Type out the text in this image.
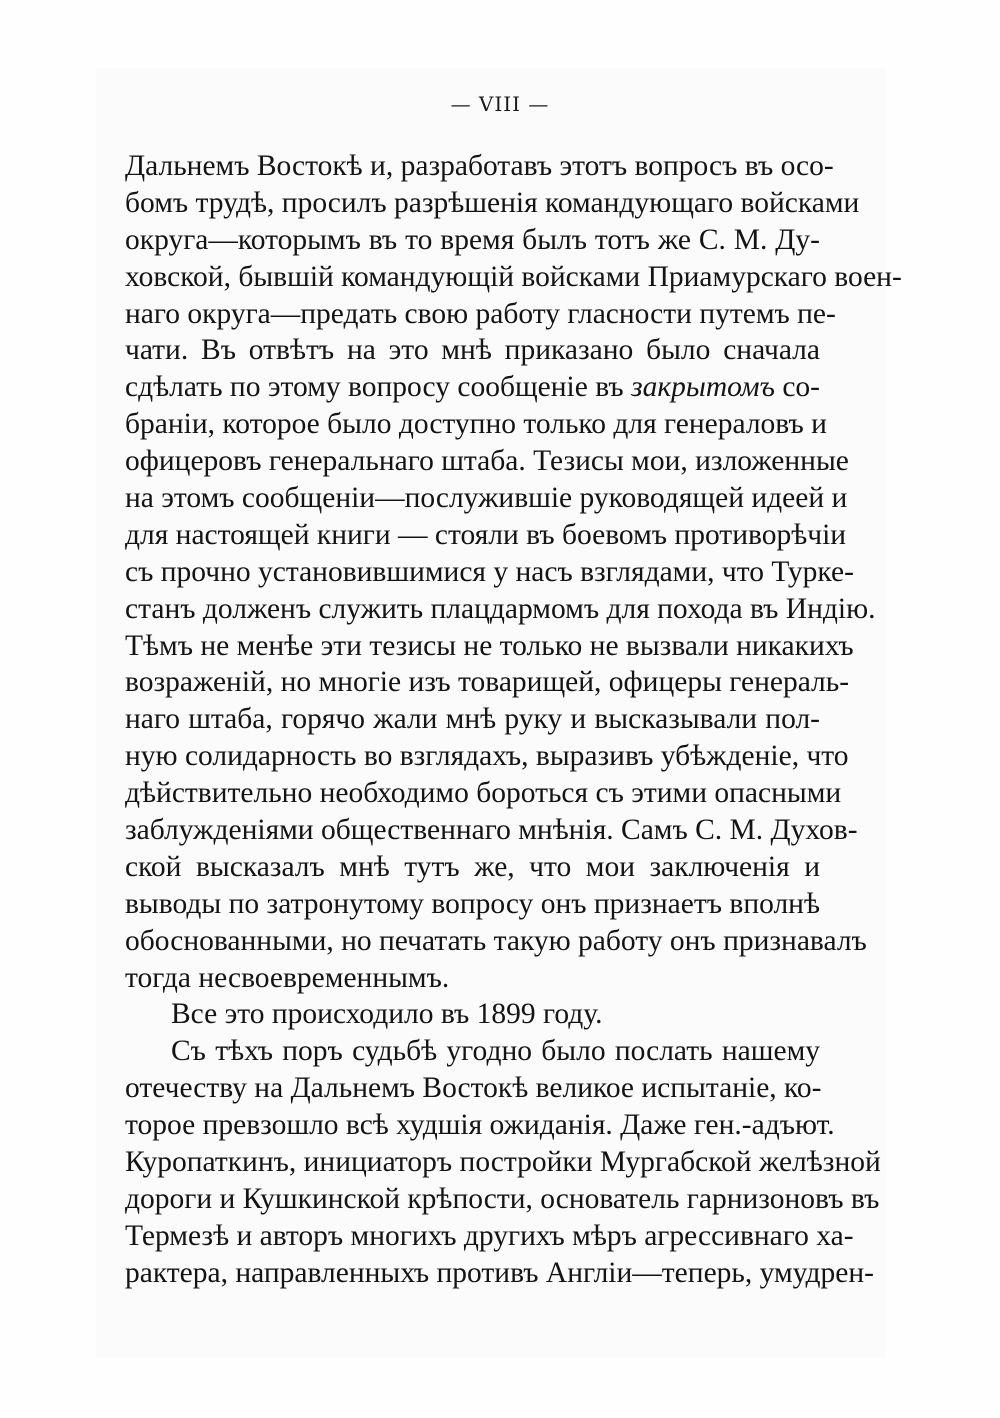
— VIII —
Дальнемъ Востокѣ и, разработавъ этотъ вопросъ въ осо-
бомъ трудѣ, просилъ разрѣшенія командующаго войсками
округа—которымъ въ то время былъ тотъ же С. М. Ду-
ховской, бывшій командующій войсками Приамурскаго воен-
наго округа—предать свою работу гласности путемъ пе-
чати. Въ отвѣтъ на это мнѣ приказано было сначала
сдѣлать по этому вопросу сообщеніе въ закрытомъ со-
браніи, которое было доступно только для генераловъ и
офицеровъ генеральнаго штаба. Тезисы мои, изложенные
на этомъ сообщеніи—послужившіе руководящей идеей и
для настоящей книги — стояли въ боевомъ противорѣчіи
съ прочно установившимися у насъ взглядами, что Турке-
станъ долженъ служить плацдармомъ для похода въ Индію.
Тѣмъ не менѣе эти тезисы не только не вызвали никакихъ
возраженій, но многіе изъ товарищей, офицеры генераль-
наго штаба, горячо жали мнѣ руку и высказывали пол-
ную солидарность во взглядахъ, выразивъ убѣжденіе, что
дѣйствительно необходимо бороться съ этими опасными
заблужденіями общественнаго мнѣнія. Самъ С. М. Духов-
ской высказалъ мнѣ тутъ же, что мои заключенія и
выводы по затронутому вопросу онъ признаетъ вполнѣ
обоснованными, но печатать такую работу онъ признавалъ
тогда несвоевременнымъ.
Все это происходило въ 1899 году.
Съ тѣхъ поръ судьбѣ угодно было послать нашему
отечеству на Дальнемъ Востокѣ великое испытаніе, ко-
торое превзошло всѣ худшія ожиданія. Даже ген.-адъют.
Куропаткинъ, инициаторъ постройки Мургабской желѣзной
дороги и Кушкинской крѣпости, основатель гарнизоновъ въ
Термезѣ и авторъ многихъ другихъ мѣръ агрессивнаго ха-
рактера, направленныхъ противъ Англіи—теперь, умудрен-
